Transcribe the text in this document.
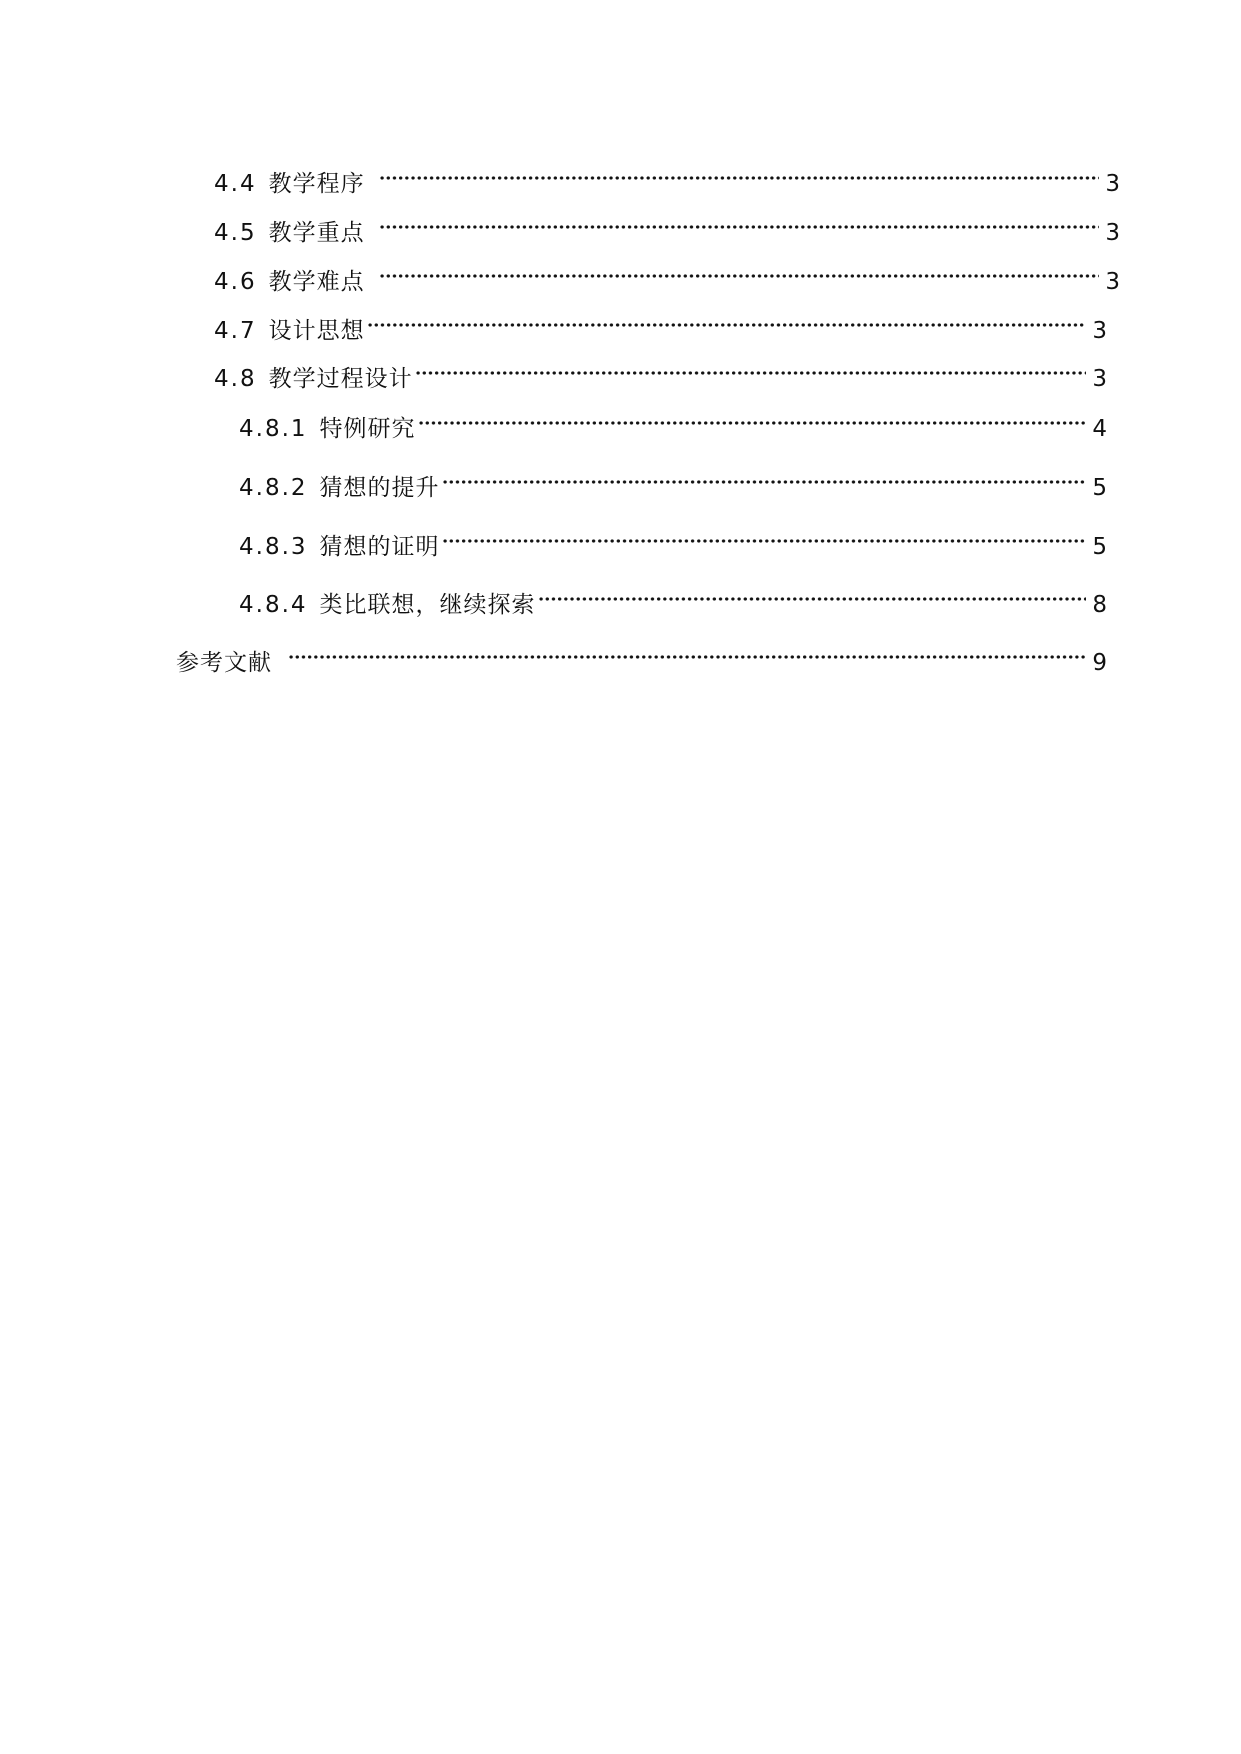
4.4 教学程序	3
4.5 教学重点	3
4.6 教学难点	3
4.7 设计思想	3
4.8 教学过程设计	3
4.8.1 特例研究	4
4.8.2 猜想的提升	5
4.8.3 猜想的证明	5
4.8.4 类比联想，继续探索	8
参考文献	9
